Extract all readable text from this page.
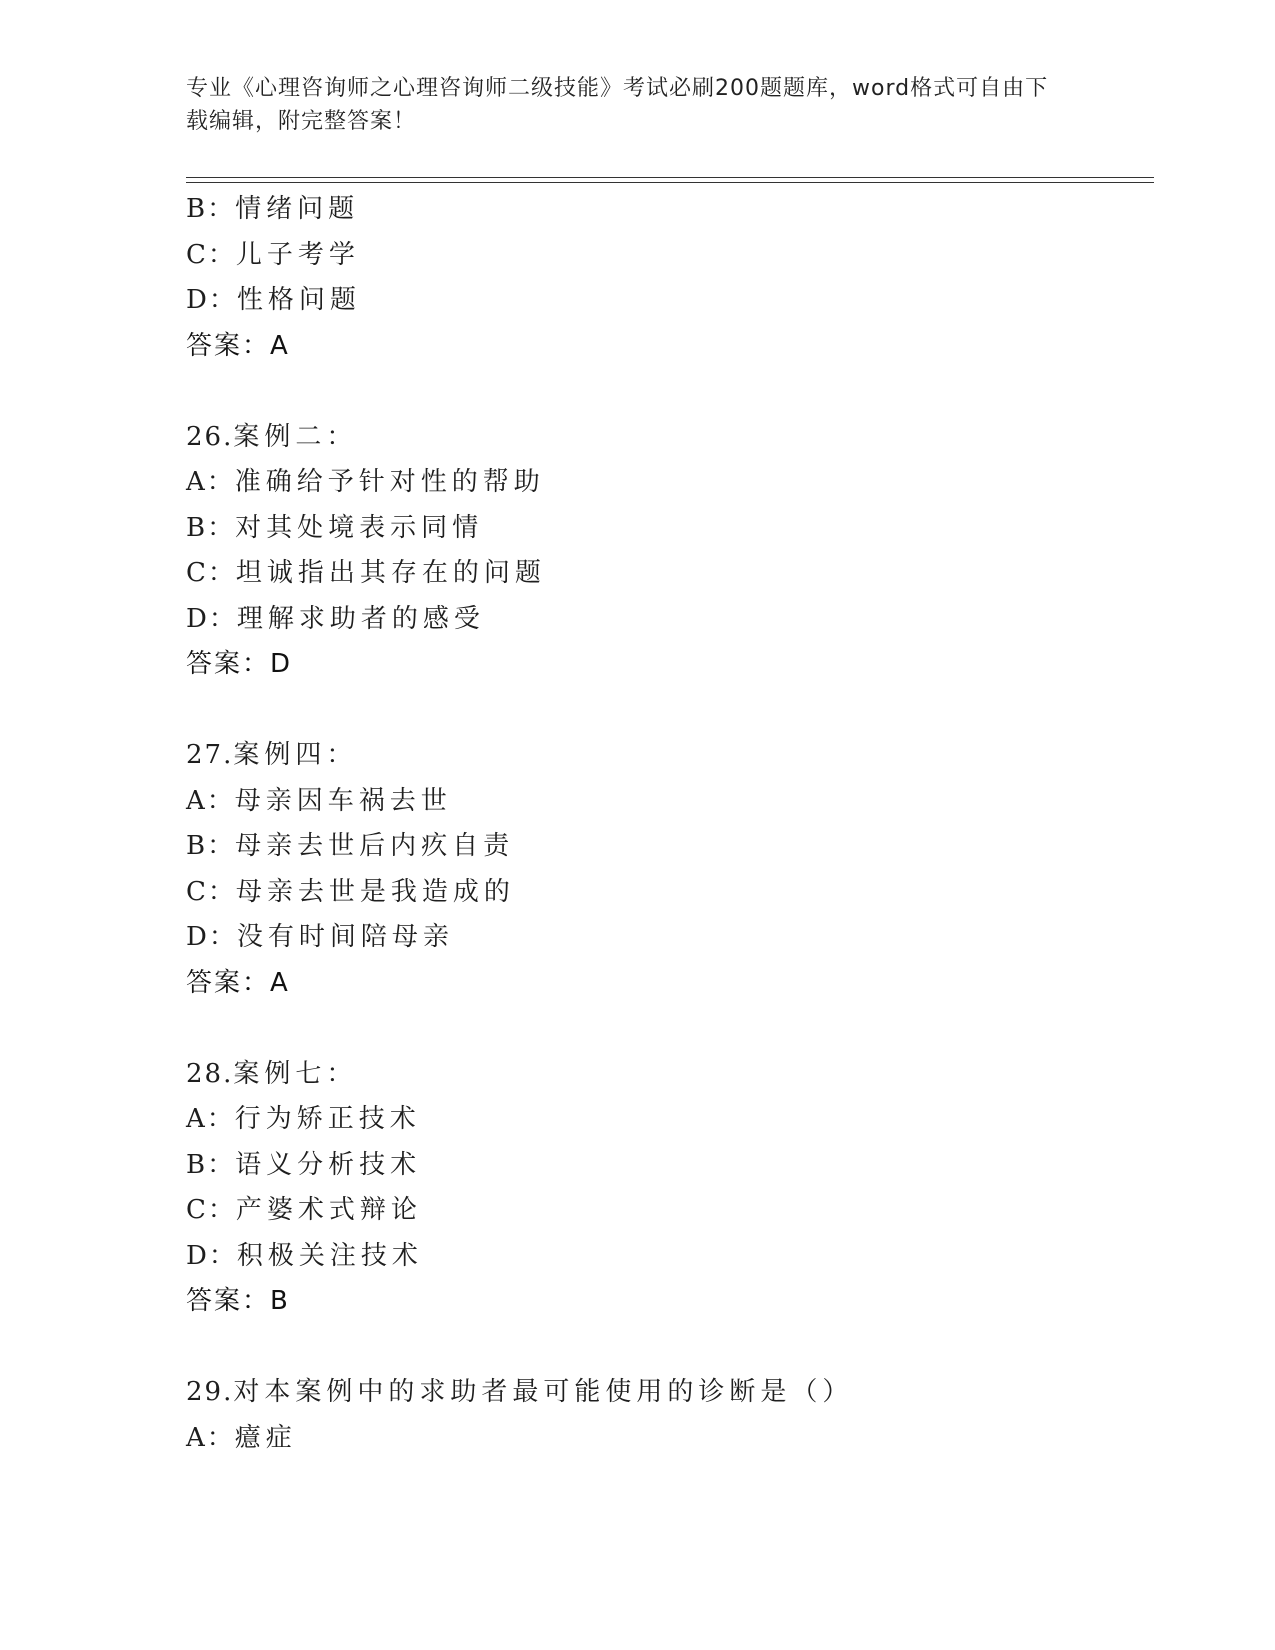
专业《心理咨询师之心理咨询师二级技能》考试必刷200题题库，word格式可自由下载编辑，附完整答案！
B：情绪问题
C：儿子考学
D：性格问题
答案：A
26.案例二：
A：准确给予针对性的帮助
B：对其处境表示同情
C：坦诚指出其存在的问题
D：理解求助者的感受
答案：D
27.案例四：
A：母亲因车祸去世
B：母亲去世后内疚自责
C：母亲去世是我造成的
D：没有时间陪母亲
答案：A
28.案例七：
A：行为矫正技术
B：语义分析技术
C：产婆术式辩论
D：积极关注技术
答案：B
29.对本案例中的求助者最可能使用的诊断是（）
A：癔症
